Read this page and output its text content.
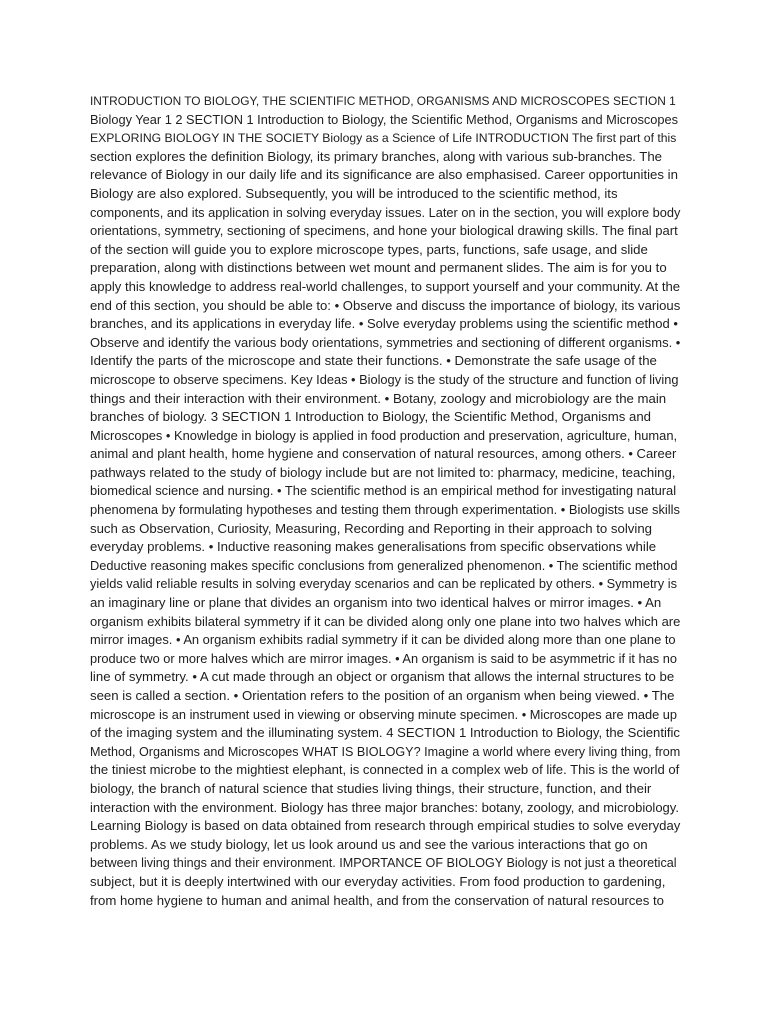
INTRODUCTION TO BIOLOGY, THE SCIENTIFIC METHOD, ORGANISMS AND MICROSCOPES SECTION 1
Biology Year 1 2 SECTION 1 Introduction to Biology, the Scientific Method, Organisms and Microscopes
EXPLORING BIOLOGY IN THE SOCIETY Biology as a Science of Life INTRODUCTION The first part of this
section explores the definition Biology, its primary branches, along with various sub-branches. The
relevance of Biology in our daily life and its significance are also emphasised. Career opportunities in
Biology are also explored. Subsequently, you will be introduced to the scientific method, its
components, and its application in solving everyday issues. Later on in the section, you will explore body
orientations, symmetry, sectioning of specimens, and hone your biological drawing skills. The final part
of the section will guide you to explore microscope types, parts, functions, safe usage, and slide
preparation, along with distinctions between wet mount and permanent slides. The aim is for you to
apply this knowledge to address real-world challenges, to support yourself and your community. At the
end of this section, you should be able to: • Observe and discuss the importance of biology, its various
branches, and its applications in everyday life. • Solve everyday problems using the scientific method •
Observe and identify the various body orientations, symmetries and sectioning of different organisms. •
Identify the parts of the microscope and state their functions. • Demonstrate the safe usage of the
microscope to observe specimens. Key Ideas • Biology is the study of the structure and function of living
things and their interaction with their environment. • Botany, zoology and microbiology are the main
branches of biology. 3 SECTION 1 Introduction to Biology, the Scientific Method, Organisms and
Microscopes • Knowledge in biology is applied in food production and preservation, agriculture, human,
animal and plant health, home hygiene and conservation of natural resources, among others. • Career
pathways related to the study of biology include but are not limited to: pharmacy, medicine, teaching,
biomedical science and nursing. • The scientific method is an empirical method for investigating natural
phenomena by formulating hypotheses and testing them through experimentation. • Biologists use skills
such as Observation, Curiosity, Measuring, Recording and Reporting in their approach to solving
everyday problems. • Inductive reasoning makes generalisations from specific observations while
Deductive reasoning makes specific conclusions from generalized phenomenon. • The scientific method
yields valid reliable results in solving everyday scenarios and can be replicated by others. • Symmetry is
an imaginary line or plane that divides an organism into two identical halves or mirror images. • An
organism exhibits bilateral symmetry if it can be divided along only one plane into two halves which are
mirror images. • An organism exhibits radial symmetry if it can be divided along more than one plane to
produce two or more halves which are mirror images. • An organism is said to be asymmetric if it has no
line of symmetry. • A cut made through an object or organism that allows the internal structures to be
seen is called a section. • Orientation refers to the position of an organism when being viewed. • The
microscope is an instrument used in viewing or observing minute specimen. • Microscopes are made up
of the imaging system and the illuminating system. 4 SECTION 1 Introduction to Biology, the Scientific
Method, Organisms and Microscopes WHAT IS BIOLOGY? Imagine a world where every living thing, from
the tiniest microbe to the mightiest elephant, is connected in a complex web of life. This is the world of
biology, the branch of natural science that studies living things, their structure, function, and their
interaction with the environment. Biology has three major branches: botany, zoology, and microbiology.
Learning Biology is based on data obtained from research through empirical studies to solve everyday
problems. As we study biology, let us look around us and see the various interactions that go on
between living things and their environment. IMPORTANCE OF BIOLOGY Biology is not just a theoretical
subject, but it is deeply intertwined with our everyday activities. From food production to gardening,
from home hygiene to human and animal health, and from the conservation of natural resources to
